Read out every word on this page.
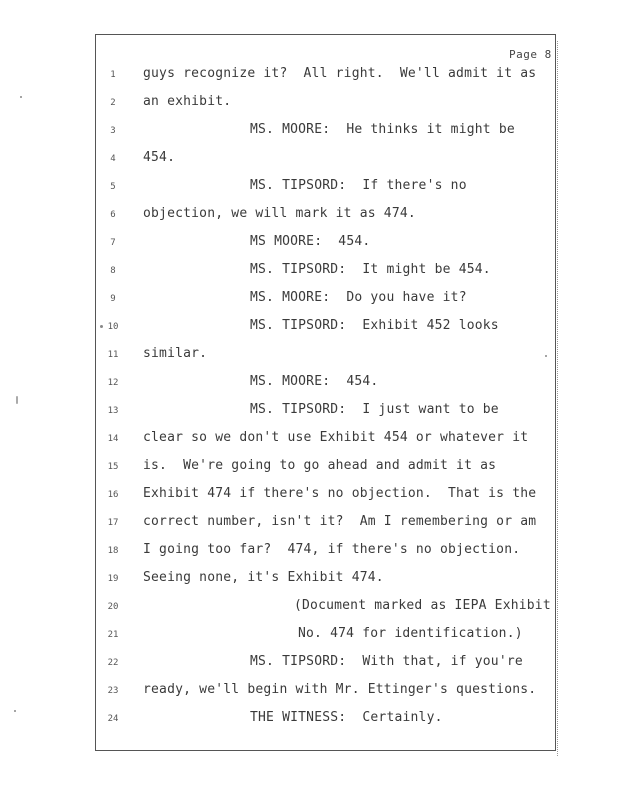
Page 8
1	guys recognize it?  All right.  We'll admit it as
2	an exhibit.
3	MS. MOORE:  He thinks it might be
4	454.
5	MS. TIPSORD:  If there's no
6	objection, we will mark it as 474.
7	MS MOORE:  454.
8	MS. TIPSORD:  It might be 454.
9	MS. MOORE:  Do you have it?
10	MS. TIPSORD:  Exhibit 452 looks
11 similar.
12	MS. MOORE:  454.
13	MS. TIPSORD:  I just want to be
14 clear so we don't use Exhibit 454 or whatever it
15 is.  We're going to go ahead and admit it as
16 Exhibit 474 if there's no objection.  That is the
17 correct number, isn't it?  Am I remembering or am
18 I going too far?  474, if there's no objection.
19 Seeing none, it's Exhibit 474.
20	(Document marked as IEPA Exhibit
21	No. 474 for identification.)
22	MS. TIPSORD:  With that, if you're
23 ready, we'll begin with Mr. Ettinger's questions.
24	THE WITNESS:  Certainly.
